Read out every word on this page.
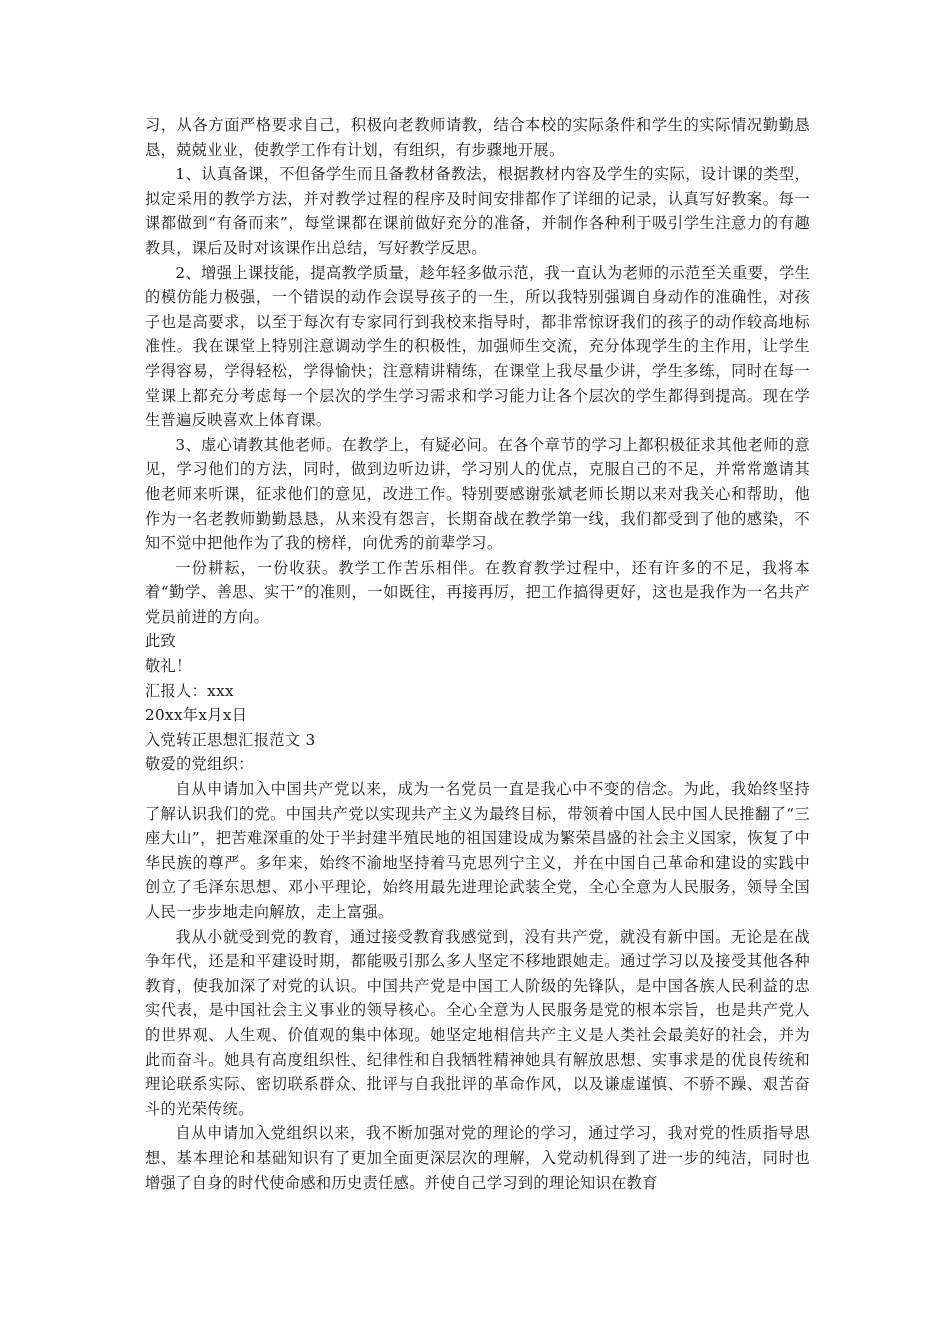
习，从各方面严格要求自己，积极向老教师请教，结合本校的实际条件和学生的实际情况勤勤恳恳，兢兢业业，使教学工作有计划，有组织，有步骤地开展。

1、认真备课，不但备学生而且备教材备教法，根据教材内容及学生的实际，设计课的类型，拟定采用的教学方法，并对教学过程的程序及时间安排都作了详细的记录，认真写好教案。每一课都做到“有备而来”，每堂课都在课前做好充分的准备，并制作各种利于吸引学生注意力的有趣教具，课后及时对该课作出总结，写好教学反思。

2、增强上课技能，提高教学质量，趁年轻多做示范，我一直认为老师的示范至关重要，学生的模仿能力极强，一个错误的动作会误导孩子的一生，所以我特别强调自身动作的准确性，对孩子也是高要求，以至于每次有专家同行到我校来指导时，都非常惊讶我们的孩子的动作较高地标准性。我在课堂上特别注意调动学生的积极性，加强师生交流，充分体现学生的主作用，让学生学得容易，学得轻松，学得愉快；注意精讲精练，在课堂上我尽量少讲，学生多练，同时在每一堂课上都充分考虑每一个层次的学生学习需求和学习能力让各个层次的学生都得到提高。现在学生普遍反映喜欢上体育课。

3、虚心请教其他老师。在教学上，有疑必问。在各个章节的学习上都积极征求其他老师的意见，学习他们的方法，同时，做到边听边讲，学习别人的优点，克服自己的不足，并常常邀请其他老师来听课，征求他们的意见，改进工作。特别要感谢张斌老师长期以来对我关心和帮助，他作为一名老教师勤勤恳恳，从来没有怨言，长期奋战在教学第一线，我们都受到了他的感染，不知不觉中把他作为了我的榜样，向优秀的前辈学习。

一份耕耘，一份收获。教学工作苦乐相伴。在教育教学过程中，还有许多的不足，我将本着“勤学、善思、实干”的准则，一如既往，再接再厉，把工作搞得更好，这也是我作为一名共产党员前进的方向。

此致

敬礼！

汇报人：xxx

20xx年x月x日

入党转正思想汇报范文 3

敬爱的党组织：

自从申请加入中国共产党以来，成为一名党员一直是我心中不变的信念。为此，我始终坚持了解认识我们的党。中国共产党以实现共产主义为最终目标，带领着中国人民中国人民推翻了“三座大山”，把苦难深重的处于半封建半殖民地的祖国建设成为繁荣昌盛的社会主义国家，恢复了中华民族的尊严。多年来，始终不渝地坚持着马克思列宁主义，并在中国自己革命和建设的实践中创立了毛泽东思想、邓小平理论，始终用最先进理论武装全党，全心全意为人民服务，领导全国人民一步步地走向解放，走上富强。

我从小就受到党的教育，通过接受教育我感觉到，没有共产党，就没有新中国。无论是在战争年代，还是和平建设时期，都能吸引那么多人坚定不移地跟她走。通过学习以及接受其他各种教育，使我加深了对党的认识。中国共产党是中国工人阶级的先锋队，是中国各族人民利益的忠实代表，是中国社会主义事业的领导核心。全心全意为人民服务是党的根本宗旨，也是共产党人的世界观、人生观、价值观的集中体现。她坚定地相信共产主义是人类社会最美好的社会，并为此而奋斗。她具有高度组织性、纪律性和自我牺牲精神她具有解放思想、实事求是的优良传统和理论联系实际、密切联系群众、批评与自我批评的革命作风，以及谦虚谨慎、不骄不躁、艰苦奋斗的光荣传统。

自从申请加入党组织以来，我不断加强对党的理论的学习，通过学习，我对党的性质指导思想、基本理论和基础知识有了更加全面更深层次的理解，入党动机得到了进一步的纯洁，同时也增强了自身的时代使命感和历史责任感。并使自己学习到的理论知识在教育
